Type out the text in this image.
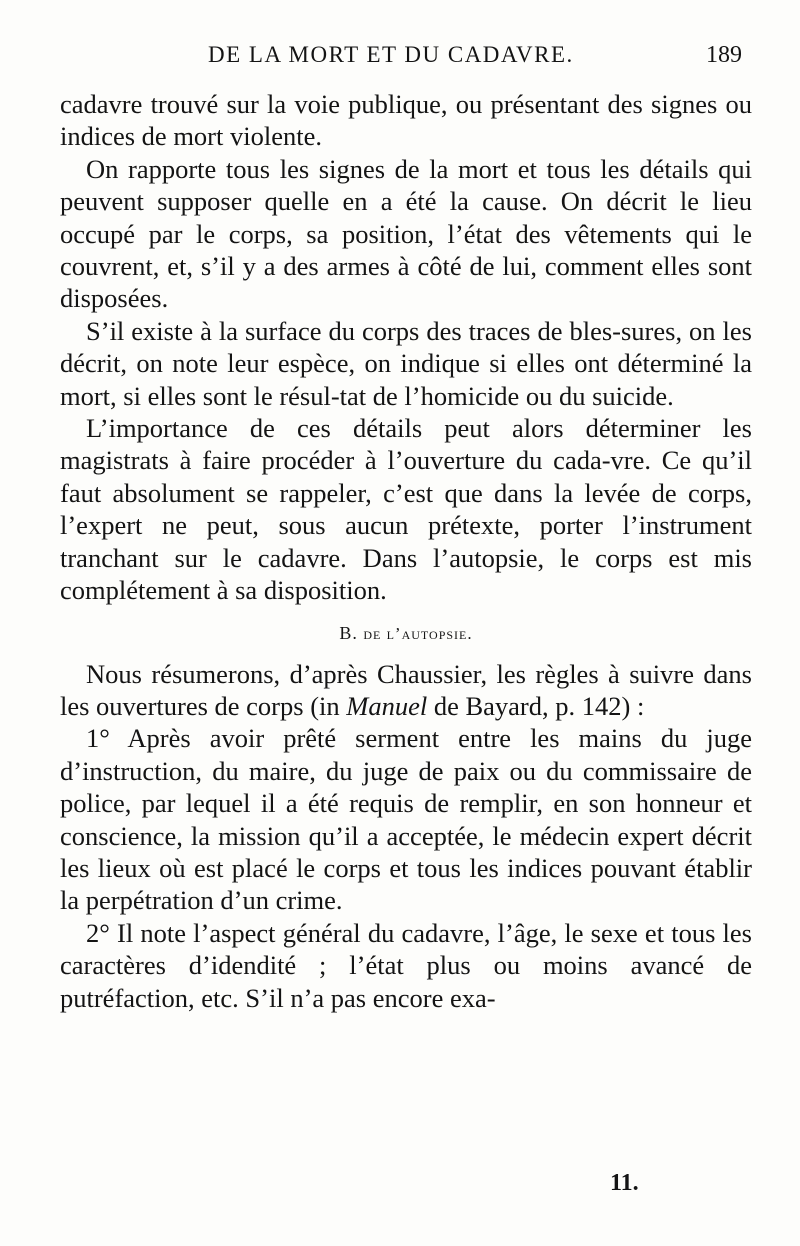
DE LA MORT ET DU CADAVRE.	189

cadavre trouvé sur la voie publique, ou présentant des signes ou indices de mort violente.

On rapporte tous les signes de la mort et tous les détails qui peuvent supposer quelle en a été la cause. On décrit le lieu occupé par le corps, sa position, l’état des vêtements qui le couvrent, et, s’il y a des armes à côté de lui, comment elles sont disposées.

S’il existe à la surface du corps des traces de bles-sures, on les décrit, on note leur espèce, on indique si elles ont déterminé la mort, si elles sont le résul-tat de l’homicide ou du suicide.

L’importance de ces détails peut alors déterminer les magistrats à faire procéder à l’ouverture du cada-vre. Ce qu’il faut absolument se rappeler, c’est que dans la levée de corps, l’expert ne peut, sous aucun prétexte, porter l’instrument tranchant sur le cadavre. Dans l’autopsie, le corps est mis complétement à sa disposition.

B. de l’autopsie.

Nous résumerons, d’après Chaussier, les règles à suivre dans les ouvertures de corps (in Manuel de Bayard, p. 142) :

1° Après avoir prêté serment entre les mains du juge d’instruction, du maire, du juge de paix ou du commissaire de police, par lequel il a été requis de remplir, en son honneur et conscience, la mission qu’il a acceptée, le médecin expert décrit les lieux où est placé le corps et tous les indices pouvant établir la perpétration d’un crime.

2° Il note l’aspect général du cadavre, l’âge, le sexe et tous les caractères d’idendité ; l’état plus ou moins avancé de putréfaction, etc. S’il n’a pas encore exa-

11.
